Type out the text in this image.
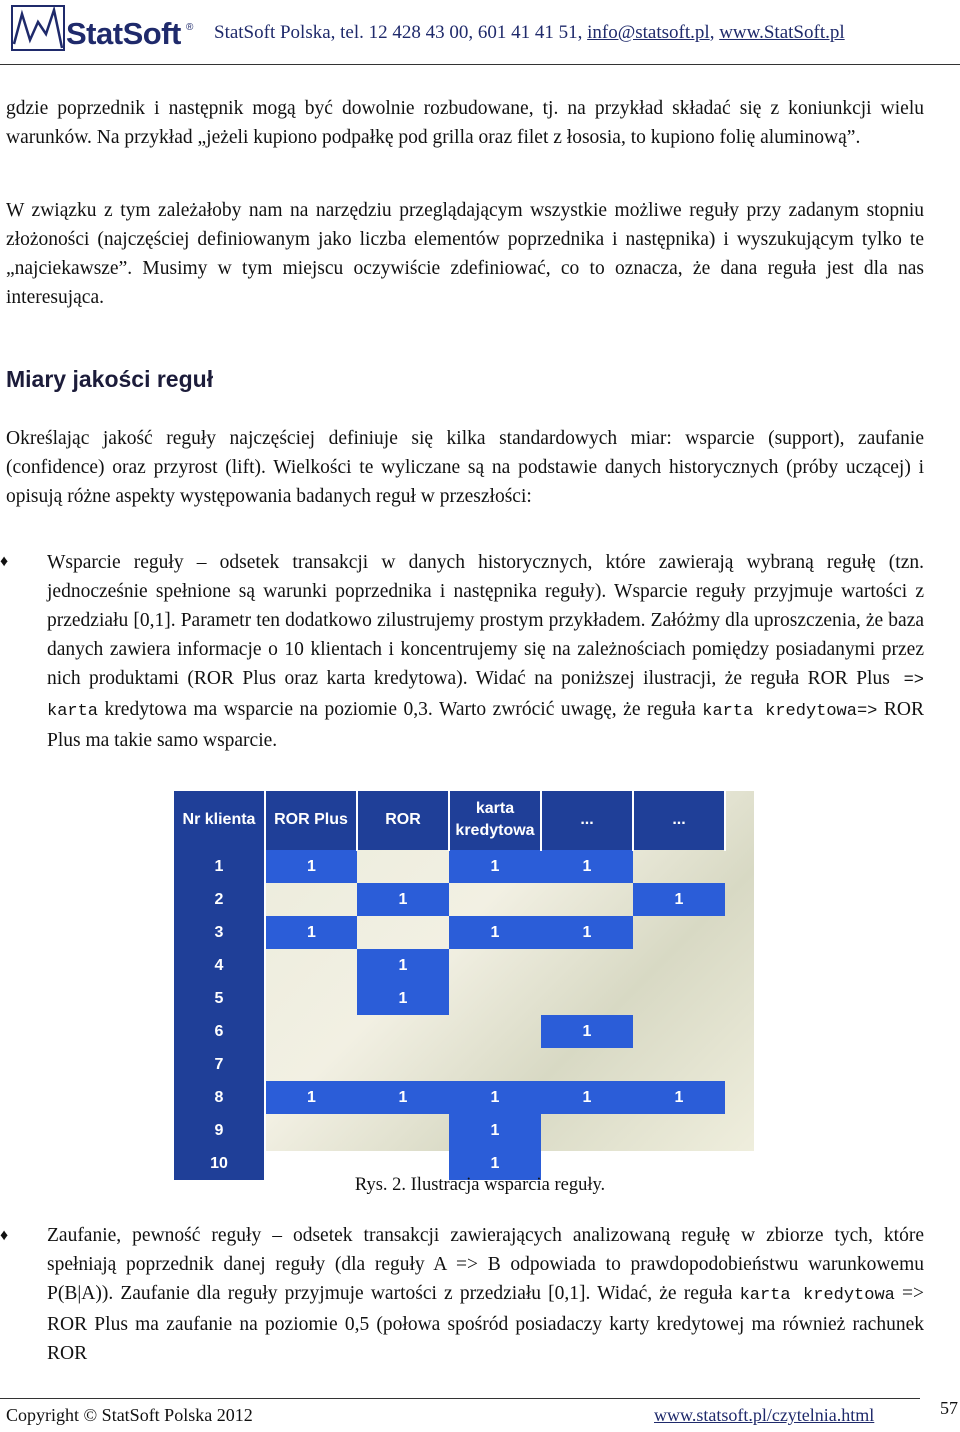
StatSoft ® StatSoft Polska, tel. 12 428 43 00, 601 41 41 51, info@statsoft.pl, www.StatSoft.pl
gdzie poprzednik i następnik mogą być dowolnie rozbudowane, tj. na przykład składać się z koniunkcji wielu warunków. Na przykład „jeżeli kupiono podpałkę pod grilla oraz filet z łososia, to kupiono folię aluminową”.
W związku z tym zależałoby nam na narzędziu przeglądającym wszystkie możliwe reguły przy zadanym stopniu złożoności (najczęściej definiowanym jako liczba elementów poprzednika i następnika) i wyszukującym tylko te „najciekawsze”. Musimy w tym miejscu oczywiście zdefiniować, co to oznacza, że dana reguła jest dla nas interesująca.
Miary jakości reguł
Określając jakość reguły najczęściej definiuje się kilka standardowych miar: wsparcie (support), zaufanie (confidence) oraz przyrost (lift). Wielkości te wyliczane są na podstawie danych historycznych (próby uczącej) i opisują różne aspekty występowania badanych reguł w przeszłości:
♦ Wsparcie reguły – odsetek transakcji w danych historycznych, które zawierają wybraną regułę (tzn. jednocześnie spełnione są warunki poprzednika i następnika reguły). Wsparcie reguły przyjmuje wartości z przedziału [0,1]. Parametr ten dodatkowo zilustrujemy prostym przykładem. Załóżmy dla uproszczenia, że baza danych zawiera informacje o 10 klientach i koncentrujemy się na zależnościach pomiędzy posiadanymi przez nich produktami (ROR Plus oraz karta kredytowa). Widać na poniższej ilustracji, że reguła ROR Plus => karta kredytowa ma wsparcie na poziomie 0,3. Warto zwrócić uwagę, że reguła karta kredytowa=> ROR Plus ma takie samo wsparcie.
Nr klienta	ROR Plus	ROR	karta kredytowa	...	...
1	1		1	1	
2		1			1
3	1		1	1	
4		1			
5		1			
6				1	
7					
8	1	1	1	1	1
9			1		
10			1		
Rys. 2. Ilustracja wsparcia reguły.
♦ Zaufanie, pewność reguły – odsetek transakcji zawierających analizowaną regułę w zbiorze tych, które spełniają poprzednik danej reguły (dla reguły A => B odpowiada to prawdopodobieństwu warunkowemu P(B|A)). Zaufanie dla reguły przyjmuje wartości z przedziału [0,1]. Widać, że reguła karta kredytowa => ROR Plus ma zaufanie na poziomie 0,5 (połowa spośród posiadaczy karty kredytowej ma również rachunek ROR
Copyright © StatSoft Polska 2012	www.statsoft.pl/czytelnia.html	57
